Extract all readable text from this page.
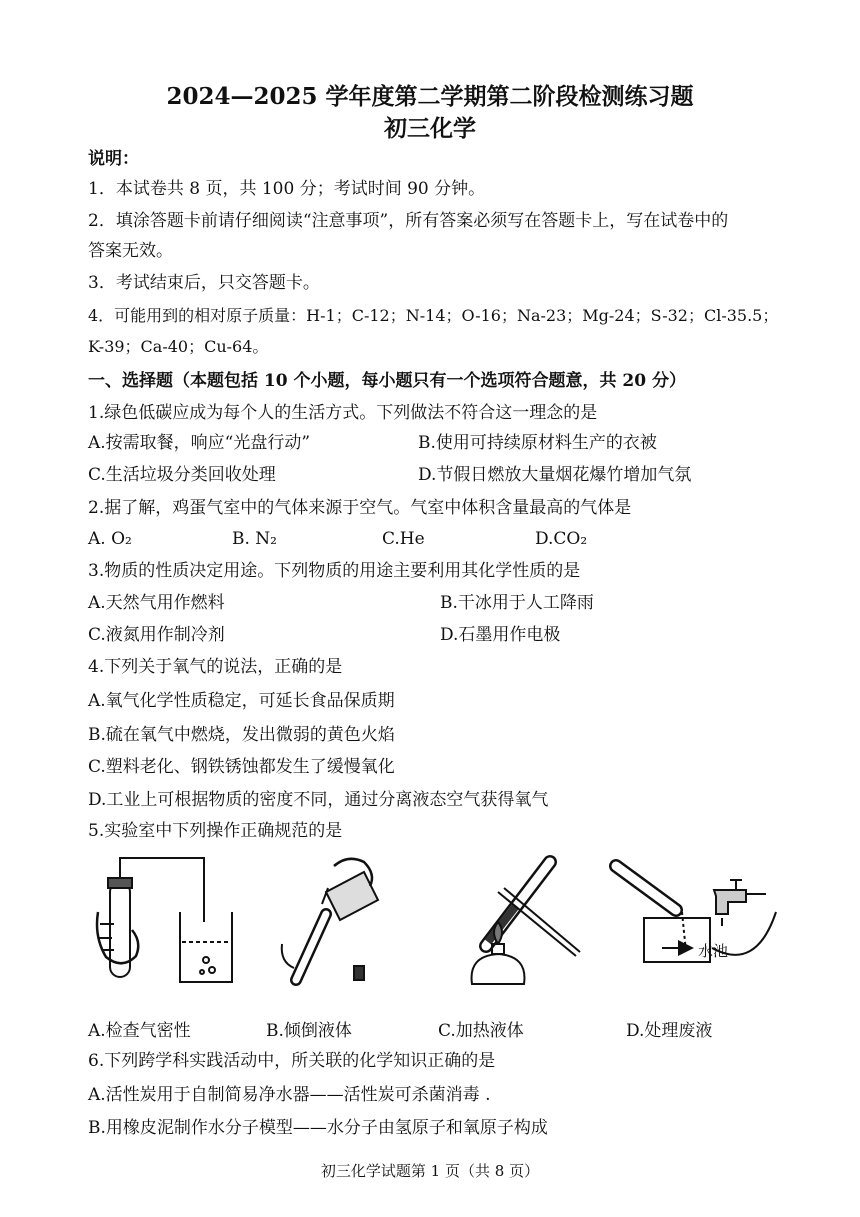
2024—2025 学年度第二学期第二阶段检测练习题
初三化学
说明：
1．本试卷共 8 页，共 100 分；考试时间 90 分钟。
2．填涂答题卡前请仔细阅读“注意事项”，所有答案必须写在答题卡上，写在试卷中的
答案无效。
3．考试结束后，只交答题卡。
4．可能用到的相对原子质量：H-1；C-12；N-14；O-16；Na-23；Mg-24；S-32；Cl-35.5；
K-39；Ca-40；Cu-64。
一、选择题（本题包括 10 个小题，每小题只有一个选项符合题意，共 20 分）
1.绿色低碳应成为每个人的生活方式。下列做法不符合这一理念的是
A.按需取餐，响应“光盘行动”	B.使用可持续原材料生产的衣被
C.生活垃圾分类回收处理	D.节假日燃放大量烟花爆竹增加气氛
2.据了解，鸡蛋气室中的气体来源于空气。气室中体积含量最高的气体是
A. O₂	B. N₂	C.He	D.CO₂
3.物质的性质决定用途。下列物质的用途主要利用其化学性质的是
A.天然气用作燃料	B.干冰用于人工降雨
C.液氮用作制冷剂	D.石墨用作电极
4.下列关于氧气的说法，正确的是
A.氧气化学性质稳定，可延长食品保质期
B.硫在氧气中燃烧，发出微弱的黄色火焰
C.塑料老化、钢铁锈蚀都发生了缓慢氧化
D.工业上可根据物质的密度不同，通过分离液态空气获得氧气
5.实验室中下列操作正确规范的是
水池
A.检查气密性	B.倾倒液体	C.加热液体	D.处理废液
6.下列跨学科实践活动中，所关联的化学知识正确的是
A.活性炭用于自制简易净水器——活性炭可杀菌消毒 .
B.用橡皮泥制作水分子模型——水分子由氢原子和氧原子构成
初三化学试题第 1 页（共 8 页）
